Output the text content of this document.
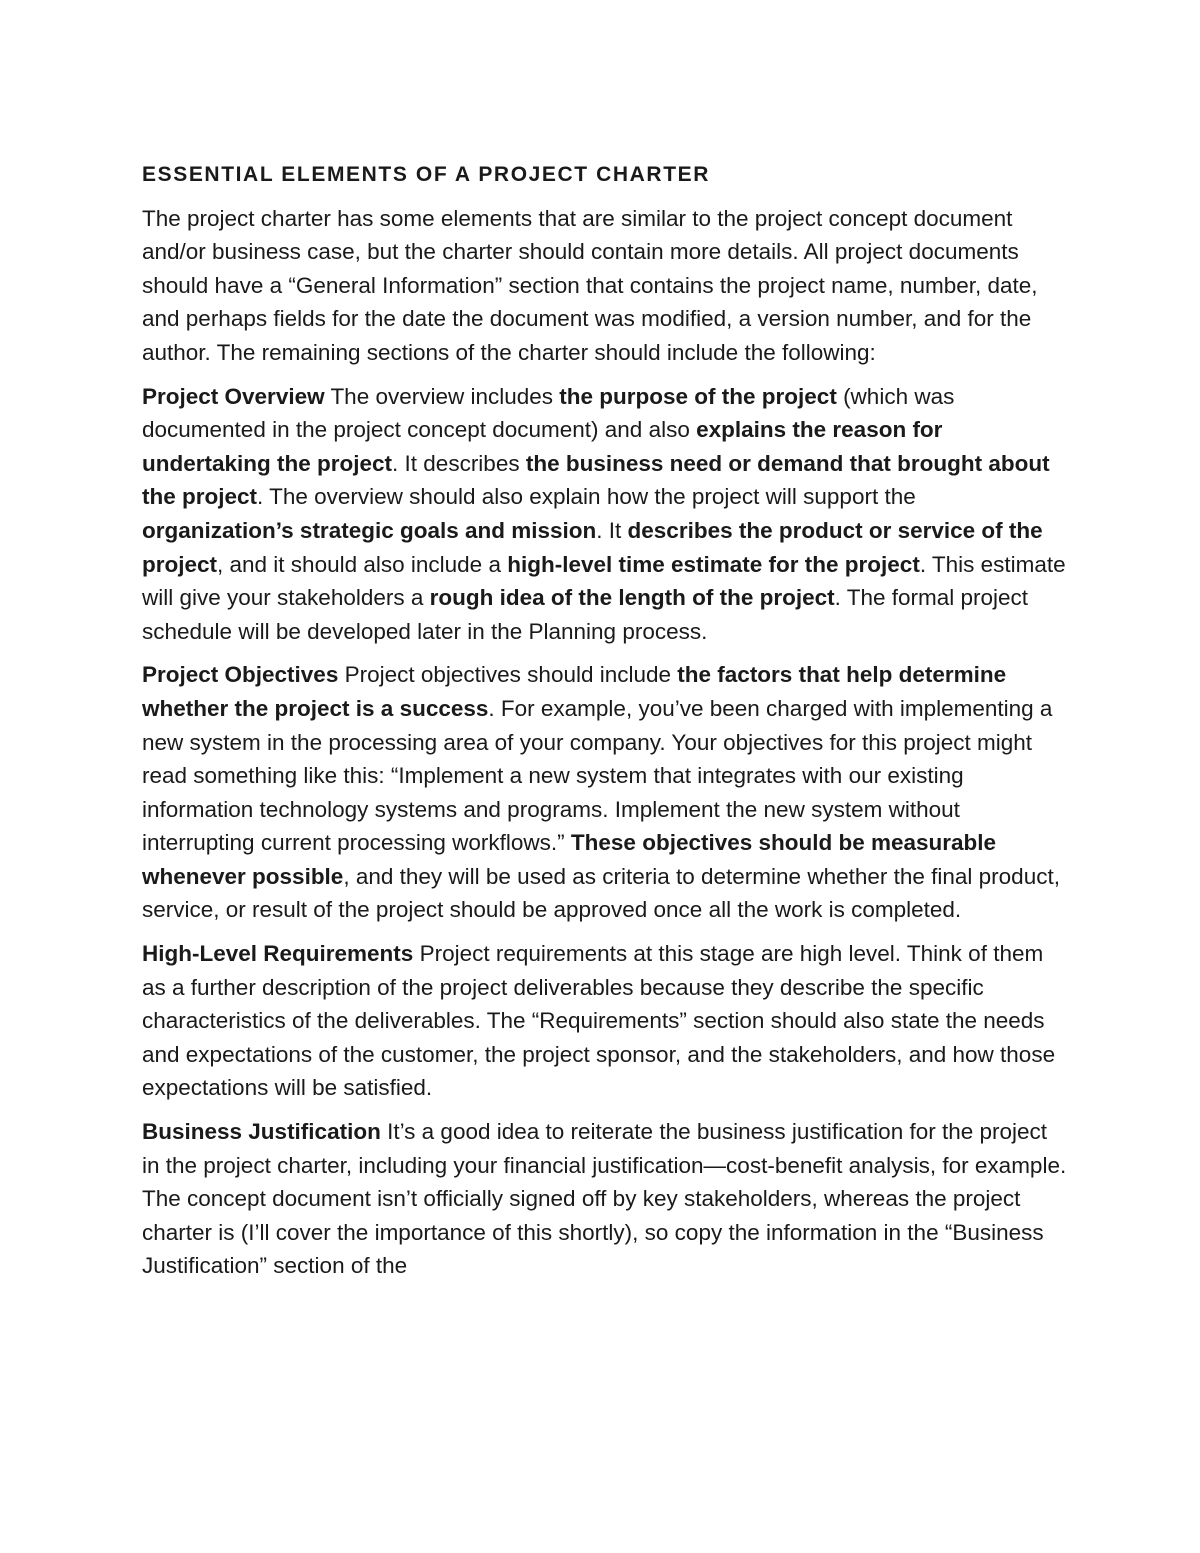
ESSENTIAL ELEMENTS OF A PROJECT CHARTER

The project charter has some elements that are similar to the project concept document and/or business case, but the charter should contain more details. All project documents should have a “General Information” section that contains the project name, number, date, and perhaps fields for the date the document was modified, a version number, and for the author. The remaining sections of the charter should include the following:

Project Overview The overview includes the purpose of the project (which was documented in the project concept document) and also explains the reason for undertaking the project. It describes the business need or demand that brought about the project. The overview should also explain how the project will support the organization’s strategic goals and mission. It describes the product or service of the project, and it should also include a high-level time estimate for the project. This estimate will give your stakeholders a rough idea of the length of the project. The formal project schedule will be developed later in the Planning process.

Project Objectives Project objectives should include the factors that help determine whether the project is a success. For example, you’ve been charged with implementing a new system in the processing area of your company. Your objectives for this project might read something like this: “Implement a new system that integrates with our existing information technology systems and programs. Implement the new system without interrupting current processing workflows.” These objectives should be measurable whenever possible, and they will be used as criteria to determine whether the final product, service, or result of the project should be approved once all the work is completed.

High-Level Requirements Project requirements at this stage are high level. Think of them as a further description of the project deliverables because they describe the specific characteristics of the deliverables. The “Requirements” section should also state the needs and expectations of the customer, the project sponsor, and the stakeholders, and how those expectations will be satisfied.

Business Justification It’s a good idea to reiterate the business justification for the project in the project charter, including your financial justification—cost-benefit analysis, for example. The concept document isn’t officially signed off by key stakeholders, whereas the project charter is (I’ll cover the importance of this shortly), so copy the information in the “Business Justification” section of the
